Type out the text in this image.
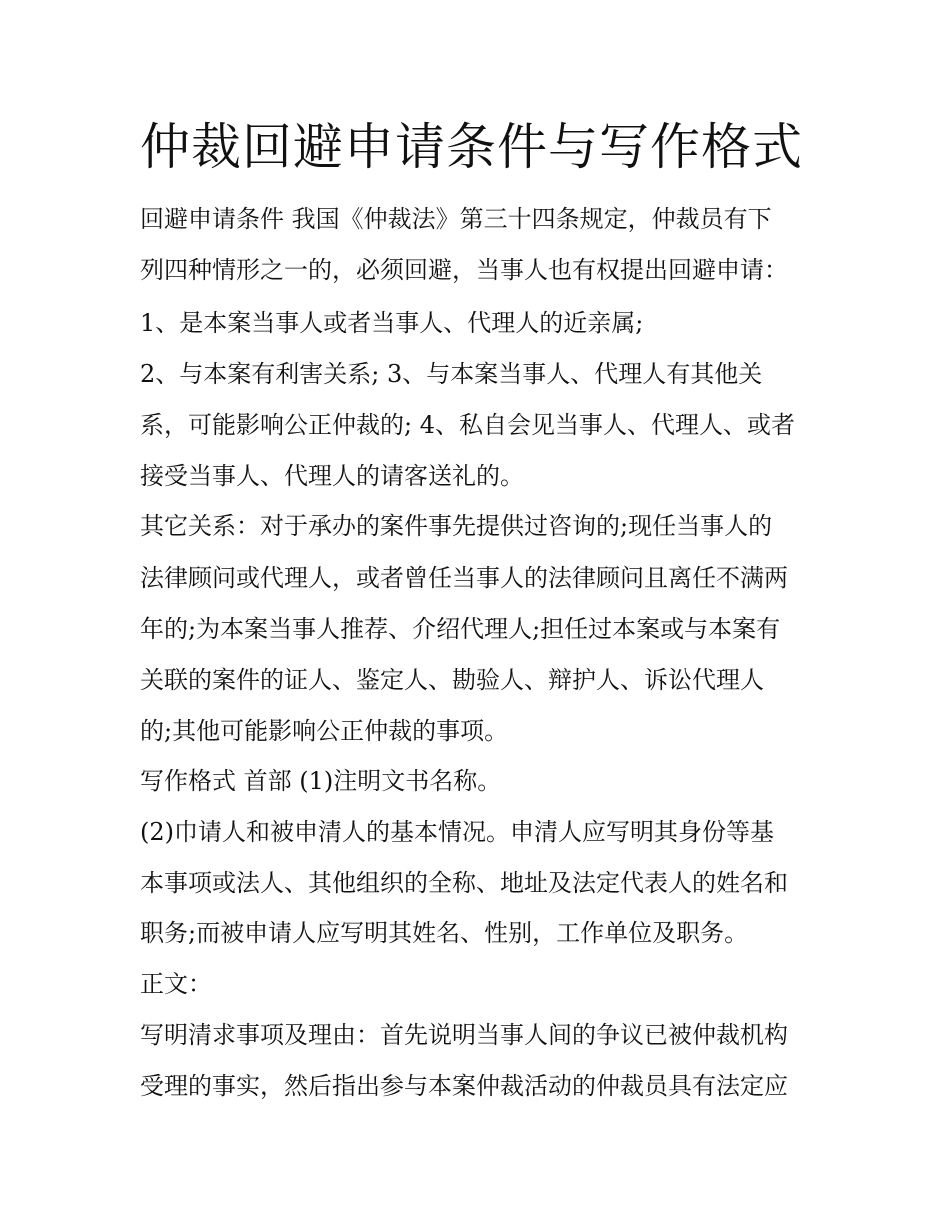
仲裁回避申请条件与写作格式
回避申请条件 我国《仲裁法》第三十四条规定，仲裁员有下
列四种情形之一的，必须回避，当事人也有权提出回避申请：
1、是本案当事人或者当事人、代理人的近亲属;
2、与本案有利害关系; 3、与本案当事人、代理人有其他关
系，可能影响公正仲裁的; 4、私自会见当事人、代理人、或者
接受当事人、代理人的请客送礼的。
其它关系：对于承办的案件事先提供过咨询的;现任当事人的
法律顾问或代理人，或者曾任当事人的法律顾问且离任不满两
年的;为本案当事人推荐、介绍代理人;担任过本案或与本案有
关联的案件的证人、鉴定人、勘验人、辩护人、诉讼代理人
的;其他可能影响公正仲裁的事项。
写作格式 首部 (1)注明文书名称。
(2)巾请人和被申清人的基本情况。申清人应写明其身份等基
本事项或法人、其他组织的全称、地址及法定代表人的姓名和
职务;而被申请人应写明其姓名、性别，工作单位及职务。
正文：
写明清求事项及理由：首先说明当事人间的争议已被仲裁机构
受理的事实，然后指出参与本案仲裁活动的仲裁员具有法定应
